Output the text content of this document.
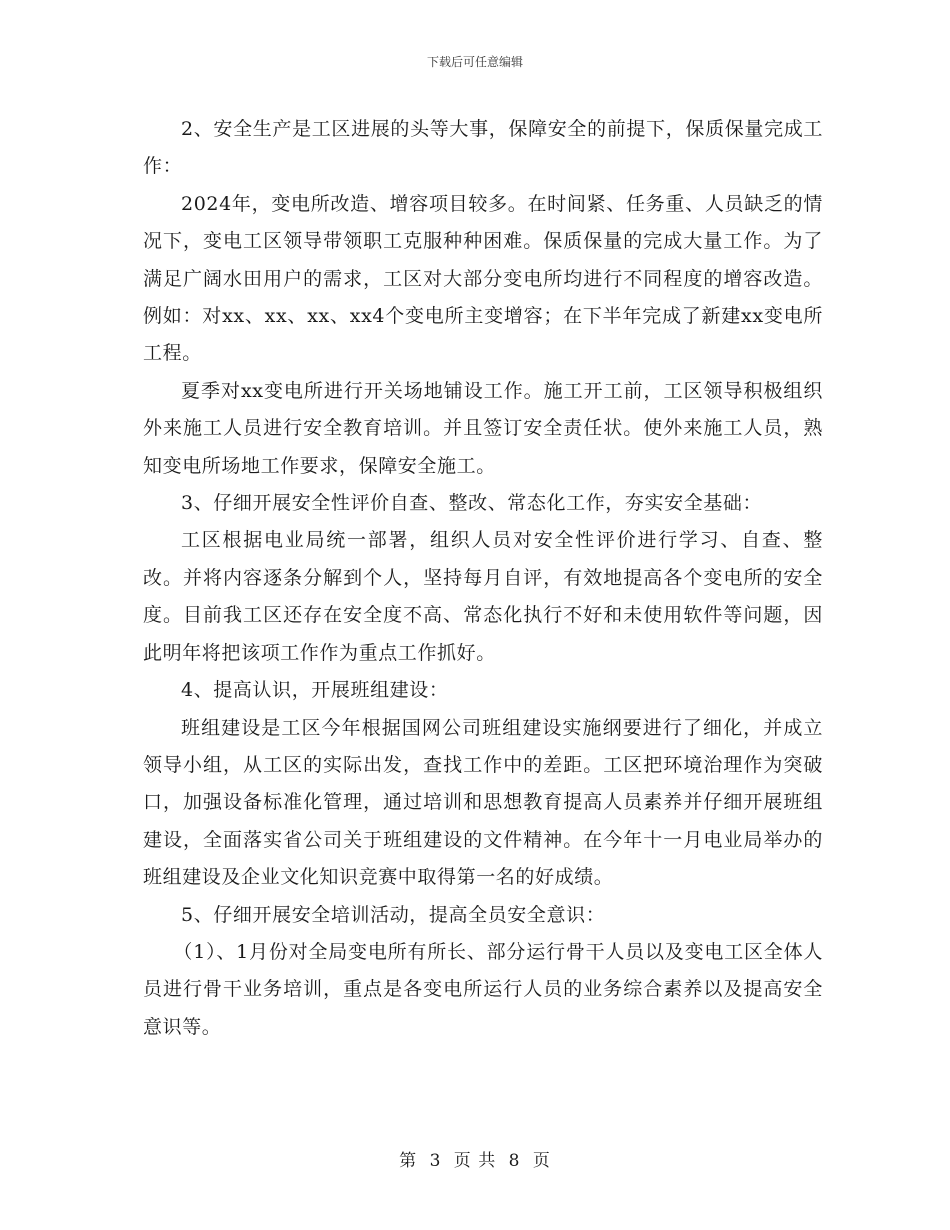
下载后可任意编辑

2、安全生产是工区进展的头等大事，保障安全的前提下，保质保量完成工作：

2024年，变电所改造、增容项目较多。在时间紧、任务重、人员缺乏的情况下，变电工区领导带领职工克服种种困难。保质保量的完成大量工作。为了满足广阔水田用户的需求，工区对大部分变电所均进行不同程度的增容改造。例如：对xx、xx、xx、xx4个变电所主变增容；在下半年完成了新建xx变电所工程。

夏季对xx变电所进行开关场地铺设工作。施工开工前，工区领导积极组织外来施工人员进行安全教育培训。并且签订安全责任状。使外来施工人员，熟知变电所场地工作要求，保障安全施工。

3、仔细开展安全性评价自查、整改、常态化工作，夯实安全基础：

工区根据电业局统一部署，组织人员对安全性评价进行学习、自查、整改。并将内容逐条分解到个人，坚持每月自评，有效地提高各个变电所的安全度。目前我工区还存在安全度不高、常态化执行不好和未使用软件等问题，因此明年将把该项工作作为重点工作抓好。

4、提高认识，开展班组建设：

班组建设是工区今年根据国网公司班组建设实施纲要进行了细化，并成立领导小组，从工区的实际出发，查找工作中的差距。工区把环境治理作为突破口，加强设备标准化管理，通过培训和思想教育提高人员素养并仔细开展班组建设，全面落实省公司关于班组建设的文件精神。在今年十一月电业局举办的班组建设及企业文化知识竞赛中取得第一名的好成绩。

5、仔细开展安全培训活动，提高全员安全意识：

（1）、1月份对全局变电所有所长、部分运行骨干人员以及变电工区全体人员进行骨干业务培训，重点是各变电所运行人员的业务综合素养以及提高安全意识等。

第 3 页 共 8 页
